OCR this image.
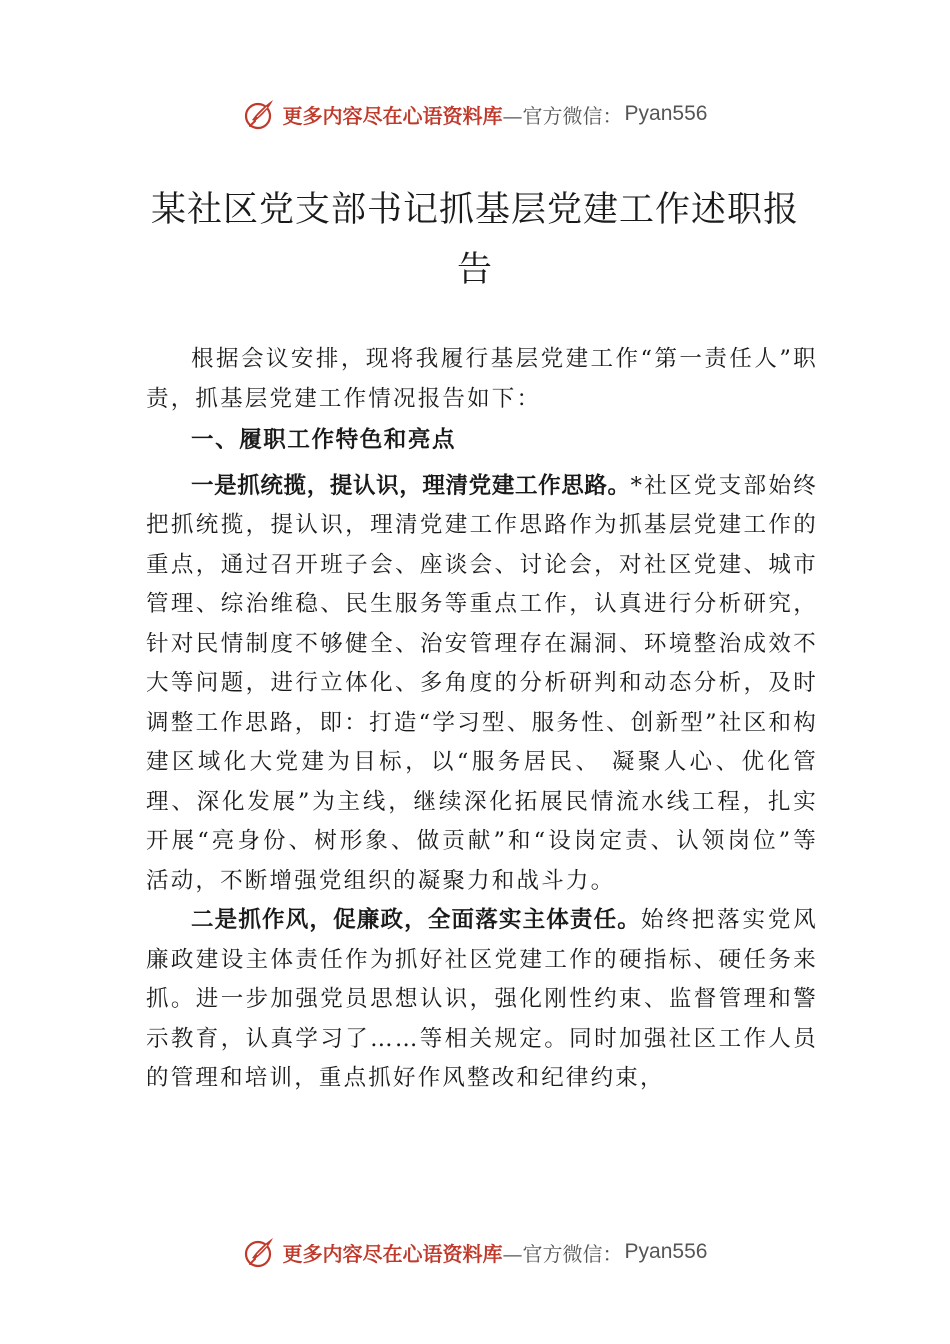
更多内容尽在心语资料库 —官方微信： Pyan556
某社区党支部书记抓基层党建工作述职报
告

根据会议安排，现将我履行基层党建工作“第一责任人”职责，抓基层党建工作情况报告如下：

一、履职工作特色和亮点

一是抓统揽，提认识，理清党建工作思路。*社区党支部始终把抓统揽，提认识，理清党建工作思路作为抓基层党建工作的重点，通过召开班子会、座谈会、讨论会，对社区党建、城市管理、综治维稳、民生服务等重点工作，认真进行分析研究，针对民情制度不够健全、治安管理存在漏洞、环境整治成效不大等问题，进行立体化、多角度的分析研判和动态分析，及时调整工作思路，即：打造“学习型、服务性、创新型”社区和构建区域化大党建为目标，以“服务居民、 凝聚人心、优化管理、深化发展”为主线，继续深化拓展民情流水线工程，扎实开展“亮身份、树形象、做贡献”和“设岗定责、认领岗位”等活动，不断增强党组织的凝聚力和战斗力。

二是抓作风，促廉政，全面落实主体责任。始终把落实党风廉政建设主体责任作为抓好社区党建工作的硬指标、硬任务来抓。进一步加强党员思想认识，强化刚性约束、监督管理和警示教育，认真学习了……等相关规定。同时加强社区工作人员的管理和培训，重点抓好作风整改和纪律约束，

更多内容尽在心语资料库 —官方微信： Pyan556
